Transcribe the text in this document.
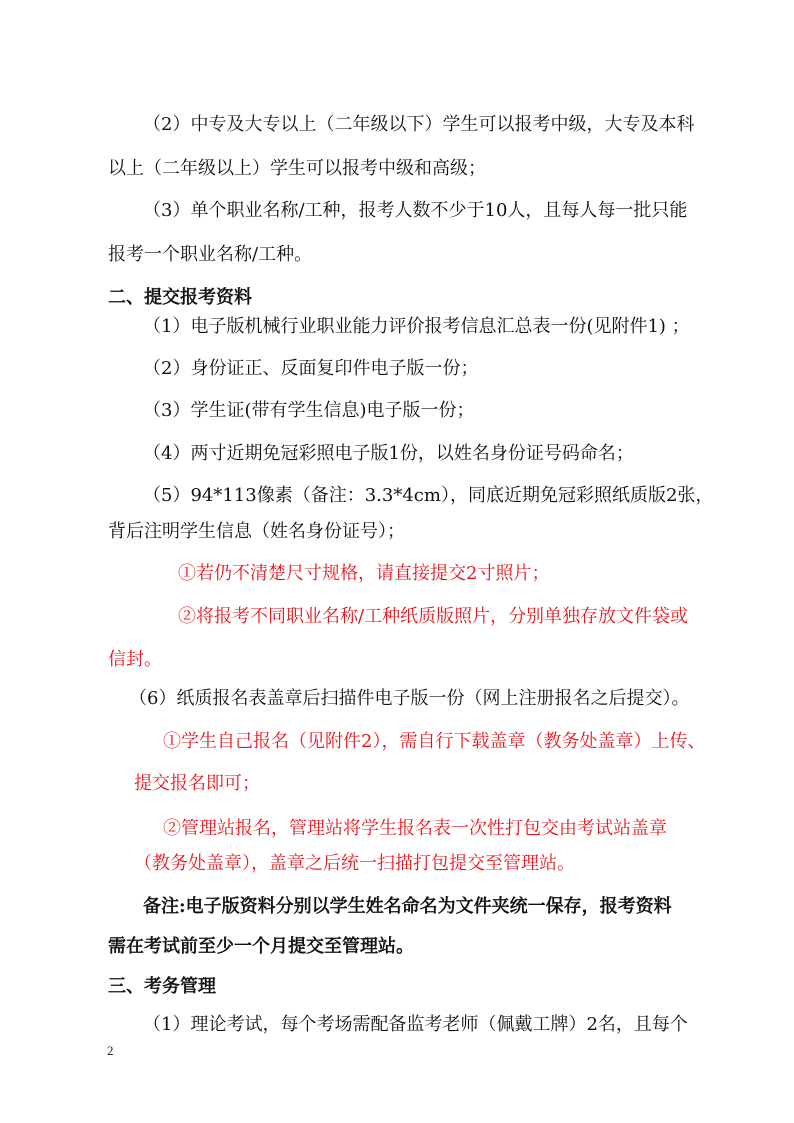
（2）中专及大专以上（二年级以下）学生可以报考中级，大专及本科
以上（二年级以上）学生可以报考中级和高级；
（3）单个职业名称/工种，报考人数不少于10人，且每人每一批只能
报考一个职业名称/工种。
二、提交报考资料
（1）电子版机械行业职业能力评价报考信息汇总表一份(见附件1) ；
（2）身份证正、反面复印件电子版一份；
（3）学生证(带有学生信息)电子版一份；
（4）两寸近期免冠彩照电子版1份，以姓名身份证号码命名；
（5）94*113像素（备注：3.3*4cm），同底近期免冠彩照纸质版2张，
背后注明学生信息（姓名身份证号）；
①若仍不清楚尺寸规格，请直接提交2寸照片；
②将报考不同职业名称/工种纸质版照片，分别单独存放文件袋或
信封。
（6）纸质报名表盖章后扫描件电子版一份（网上注册报名之后提交）。
①学生自己报名（见附件2），需自行下载盖章（教务处盖章）上传、
提交报名即可；
②管理站报名，管理站将学生报名表一次性打包交由考试站盖章
（教务处盖章），盖章之后统一扫描打包提交至管理站。
备注:电子版资料分别以学生姓名命名为文件夹统一保存，报考资料
需在考试前至少一个月提交至管理站。
三、考务管理
（1）理论考试，每个考场需配备监考老师（佩戴工牌）2名，且每个
2
